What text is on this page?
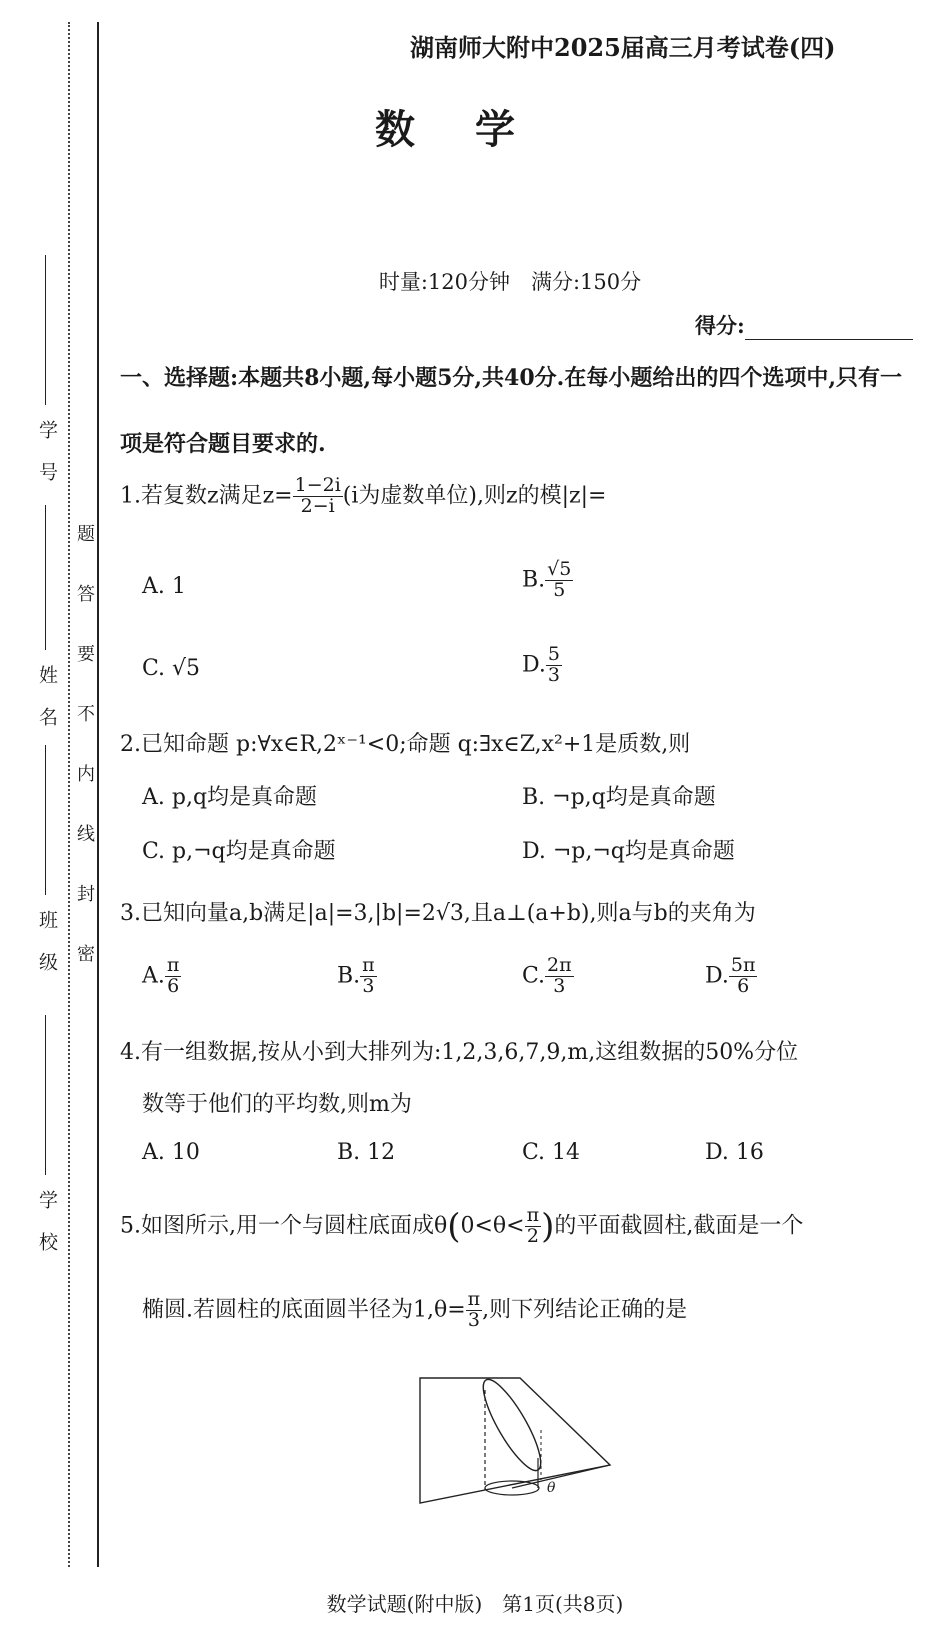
学　号
姓　名
班　级
学　校
题
答
要
不
内
线
封
密
湖南师大附中2025届高三月考试卷(四)
数学
时量:120分钟　满分:150分
得分:
一、选择题:本题共8小题,每小题5分,共40分.在每小题给出的四个选项中,只有一项是符合题目要求的.
1.若复数z满足$z= \frac{1-2i}{2-i} (i$为虚数单位),则z的模|z|=
A. 1	B. $\frac{√5}{5}$
C. √5	D. $\frac{5}{3}$
2.已知命题 p:∀x∈R,2ˣ⁻¹<0;命题 q:∃x∈Z,x²+1是质数,则
A. p,q均是真命题	B. ¬p,q均是真命题
C. p,¬q均是真命题	D. ¬p,¬q均是真命题
3.已知向量a,b满足|a|=3,|b|=2√3,且a⊥(a+b),则a与b的夹角为
A. $\frac{\pi}{6}$	B. $\frac{\pi}{3}$	C. $\frac{2\pi}{3}$	D. $\frac{5\pi}{6}$
4.有一组数据,按从小到大排列为:1,2,3,6,7,9,m,这组数据的50%分位
数等于他们的平均数,则m为
A. 10	B. 12	C. 14	D. 16
5.如图所示,用一个与圆柱底面成$\theta(0<\theta< \frac{\pi}{2}$ )的平面截圆柱,截面是一个
椭圆.若圆柱的底面圆半径为$1,\theta= \frac{\pi}{3}$ ,则下列结论正确的是
θ
数学试题(附中版)　第1页(共8页)
